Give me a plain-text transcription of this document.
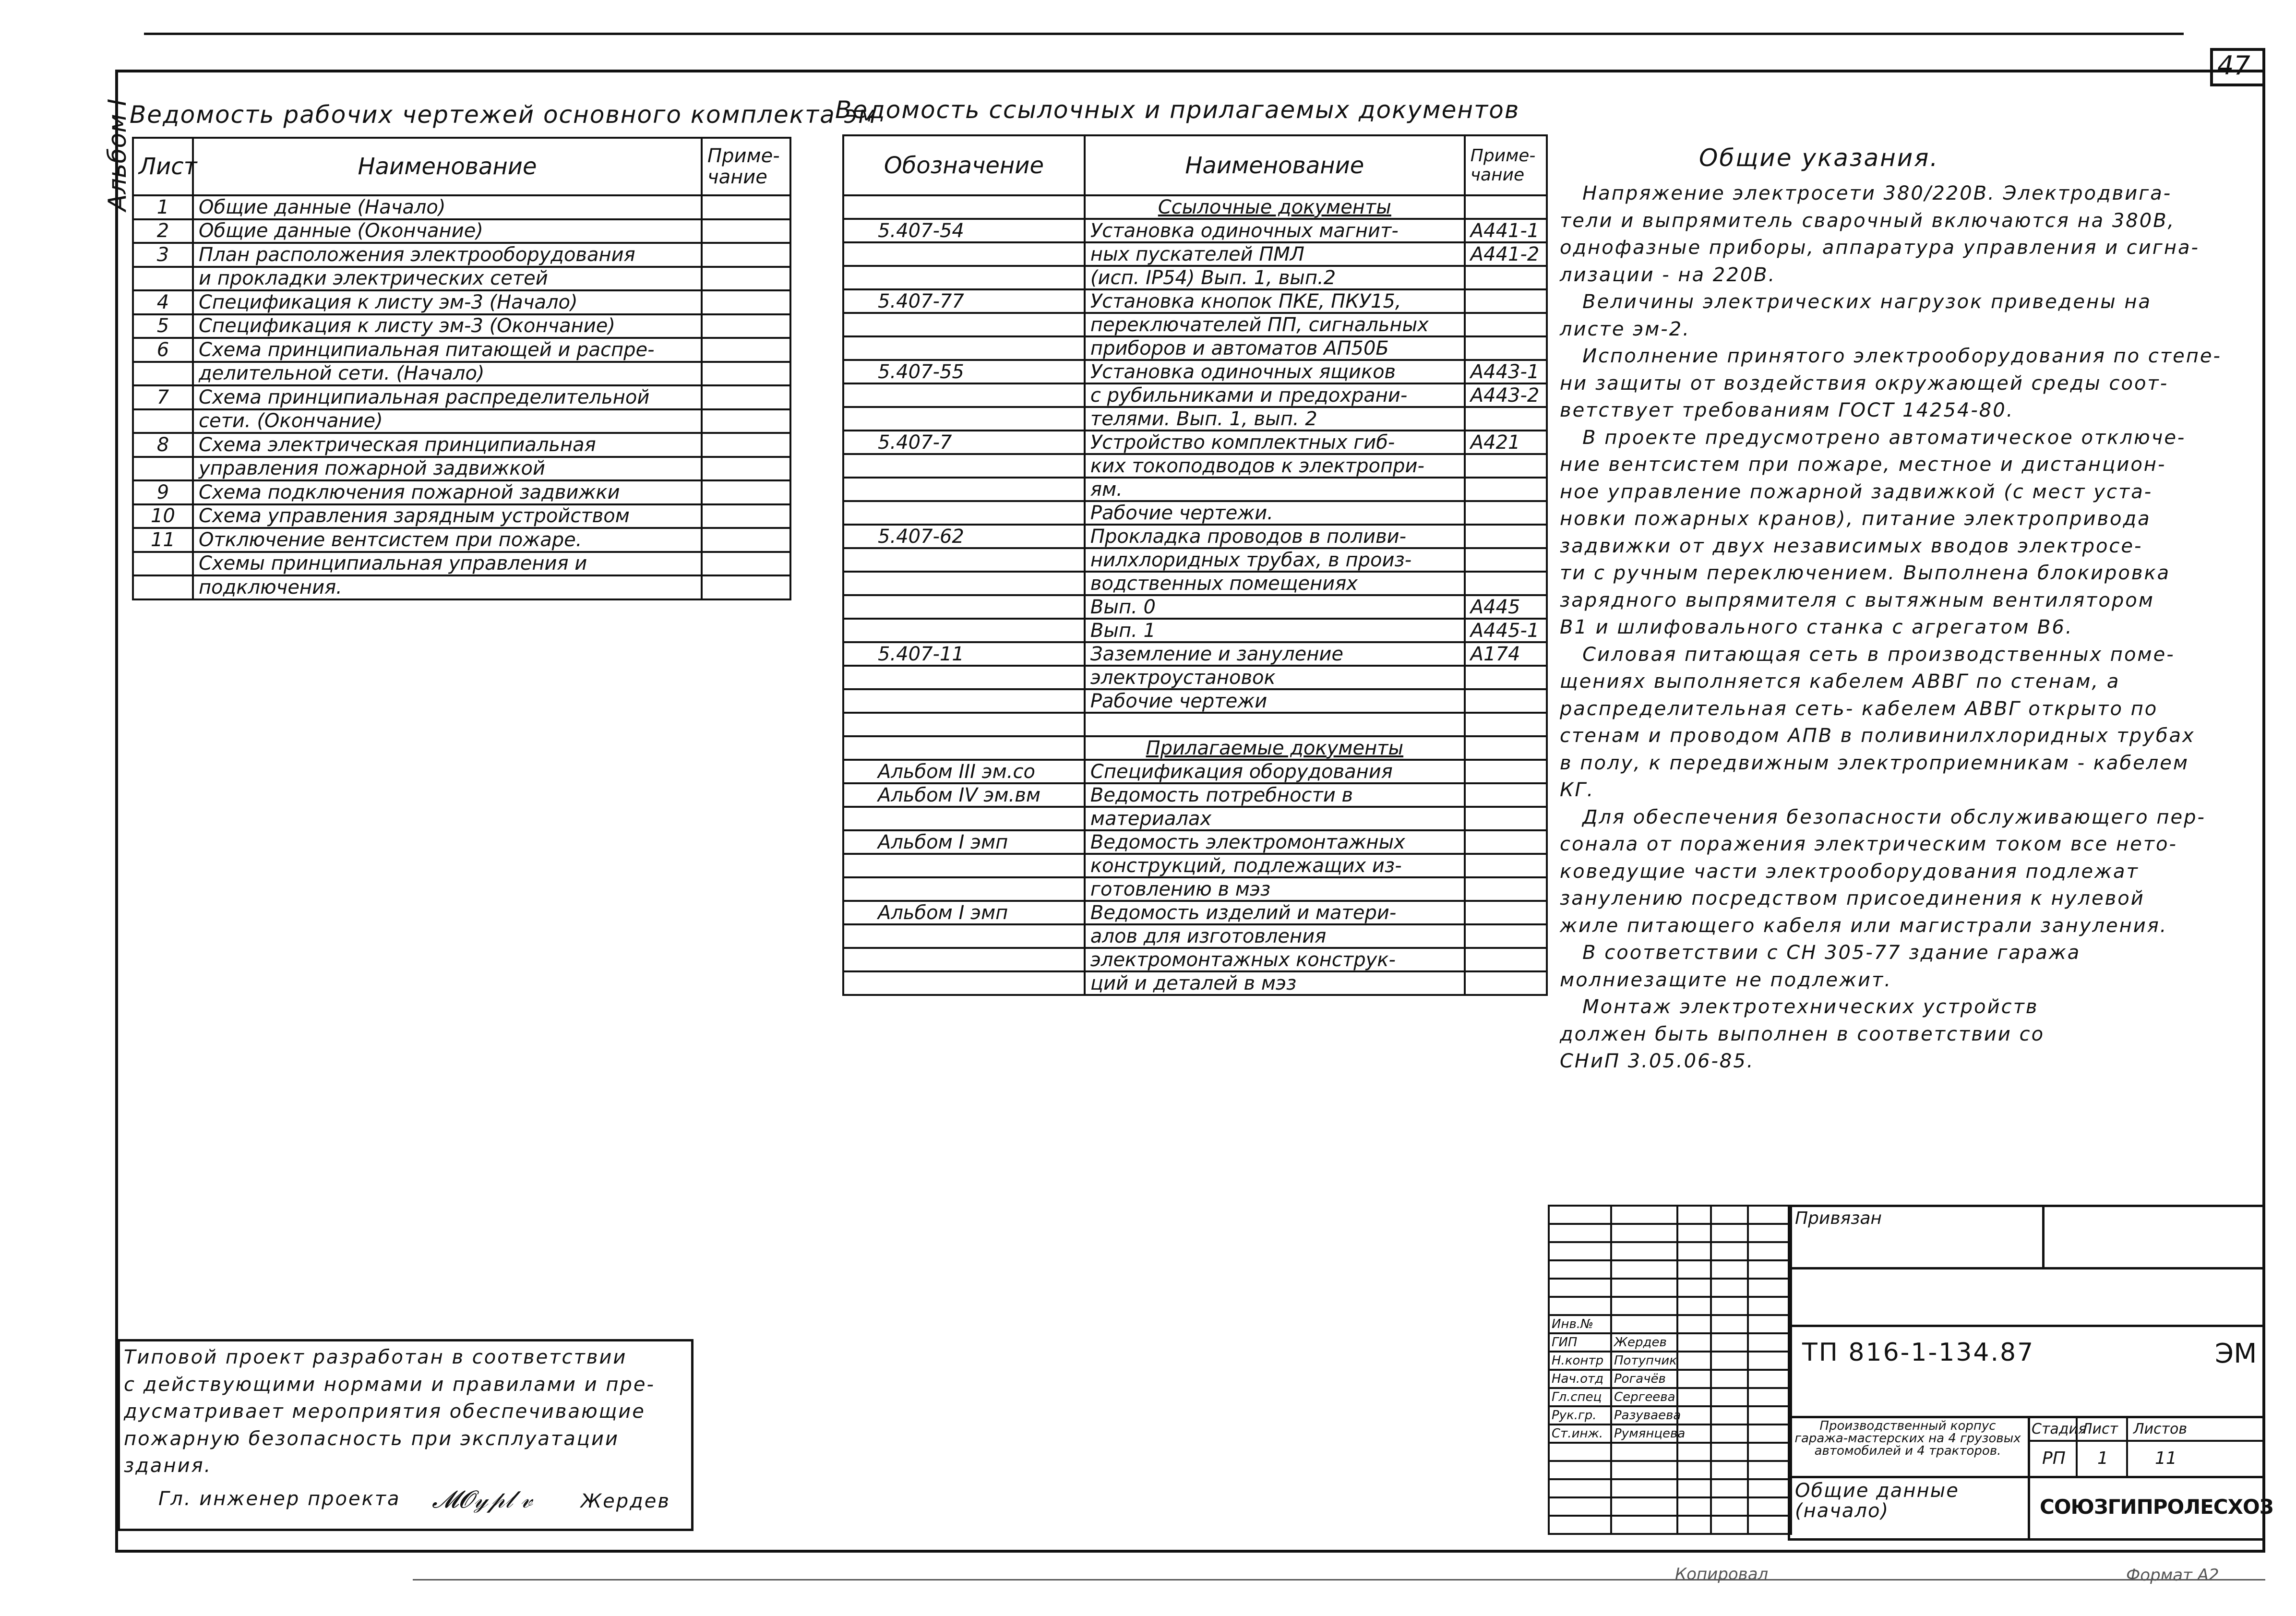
47
Альбом I
Ведомость рабочих чертежей основного комплекта эм
Лист	Наименование	Приме-
чание
1	Общие данные (Начало)	
2	Общие данные (Окончание)	
3	План расположения электрооборудования	
	и прокладки электрических сетей	
4	Спецификация к листу эм-3 (Начало)	
5	Спецификация к листу эм-3 (Окончание)	
6	Схема принципиальная питающей и распре-	
	делительной сети. (Начало)	
7	Схема принципиальная распределительной	
	сети. (Окончание)	
8	Схема электрическая принципиальная	
	управления пожарной задвижкой	
9	Схема подключения пожарной задвижки	
10	Схема управления зарядным устройством	
11	Отключение вентсистем при пожаре.	
	Схемы принципиальная управления и	
	подключения.	
Ведомость ссылочных и прилагаемых документов
Обозначение	Наименование	Приме-
чание
	Ссылочные документы	
5.407-54	Установка одиночных магнит-	А441-1
	ных пускателей ПМЛ	А441-2
	(исп. IP54) Вып. 1, вып.2	
5.407-77	Установка кнопок ПКЕ, ПКУ15,	
	переключателей ПП, сигнальных	
	приборов и автоматов АП50Б	
5.407-55	Установка одиночных ящиков	А443-1
	с рубильниками и предохрани-	А443-2
	телями. Вып. 1, вып. 2	
5.407-7	Устройство комплектных гиб-	А421
	ких токоподводов к электропри-	
	ям.	
	Рабочие чертежи.	
5.407-62	Прокладка проводов в поливи-	
	нилхлоридных трубах, в произ-	
	водственных помещениях	
	Вып. 0	А445
	Вып. 1	А445-1
5.407-11	Заземление и зануление	А174
	электроустановок	
	Рабочие чертежи	

	Прилагаемые документы	
Альбом III эм.со	Спецификация оборудования	
Альбом IV эм.вм	Ведомость потребности в	
	материалах	
Альбом I эмп	Ведомость электромонтажных	
	конструкций, подлежащих из-	
	готовлению в мэз	
Альбом I эмп	Ведомость изделий и матери-	
	алов для изготовления	
	электромонтажных конструк-	
	ций и деталей в мэз	
Общие указания.

Напряжение электросети 380/220В. Электродвига-

тели и выпрямитель сварочный включаются на 380В,

однофазные приборы, аппаратура управления и сигна-

лизации - на 220В.

Величины электрических нагрузок приведены на

листе эм-2.

Исполнение принятого электрооборудования по степе-

ни защиты от воздействия окружающей среды соот-

ветствует требованиям ГОСТ 14254-80.

В проекте предусмотрено автоматическое отключе-

ние вентсистем при пожаре, местное и дистанцион-

ное управление пожарной задвижкой (с мест уста-

новки пожарных кранов), питание электропривода

задвижки от двух независимых вводов электросе-

ти с ручным переключением. Выполнена блокировка

зарядного выпрямителя с вытяжным вентилятором

В1 и шлифовального станка с агрегатом В6.

Силовая питающая сеть в производственных поме-

щениях выполняется кабелем АВВГ по стенам, а

распределительная сеть- кабелем АВВГ открыто по

стенам и проводом АПВ в поливинилхлоридных трубах

в полу, к передвижным электроприемникам - кабелем

КГ.

Для обеспечения безопасности обслуживающего пер-

сонала от поражения электрическим током все нето-

ковeдущие части электрооборудования подлежат

занулению посредством присоединения к нулевой

жиле питающего кабеля или магистрали зануления.

В соответствии с СН 305-77 здание гаража

молниезащите не подлежит.

Монтаж электротехнических устройств

должен быть выполнен в соответствии со

СНиП 3.05.06-85.

Типовой проект разработан в соответствии

с действующими нормами и правилами и пре-

дусматривает мероприятия обеспечивающие

пожарную безопасность при эксплуатации

здания.

Гл. инженер проекта 𝓜𝓞𝓎𝓅𝓁 𝓋	Жердев

Инв.№				
ГИП	Жердев			
Н.контр	Потупчик			
Нач.отд	Рогачёв			
Гл.спец	Сергеева			
Рук.гр.	Разуваева			
Ст.инж.	Румянцева			

Привязан
ТП 816-1-134.87	ЭМ
Производственный корпус гаража-мастерских на 4 грузовых автомобилей и 4 тракторов.
Стадия
Лист Листов
РП 1	11
Общие данные
(начало)	СОЮЗГИПРОЛЕСХОЗ
Копировал	Формат А2
